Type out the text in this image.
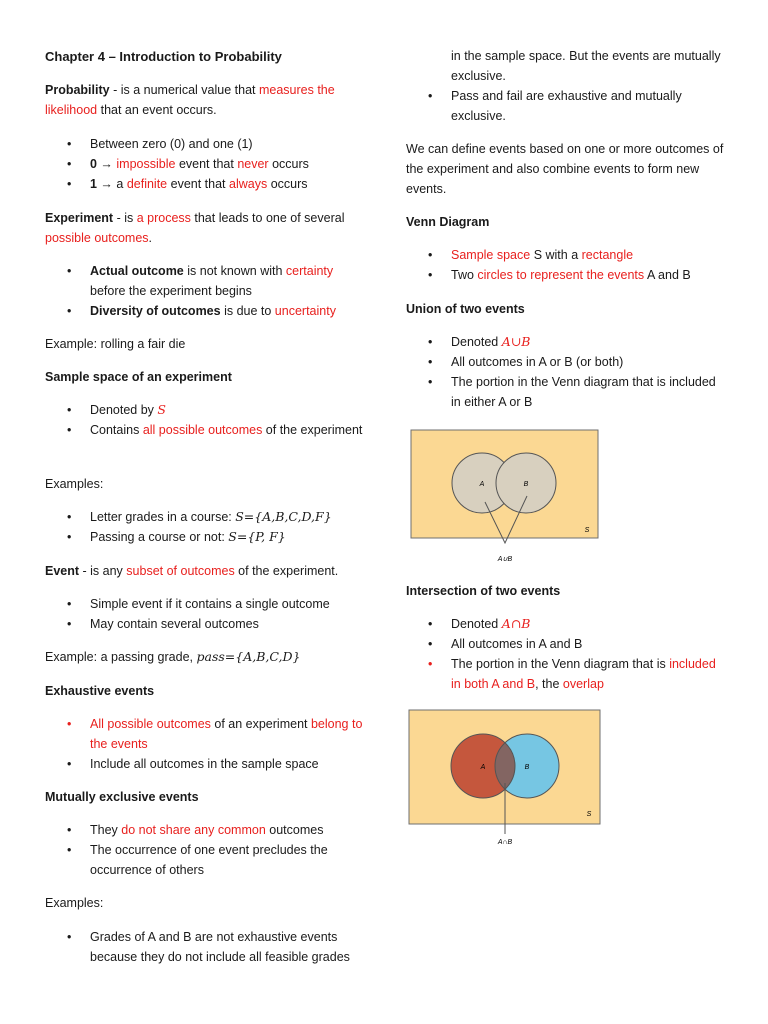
Chapter 4 – Introduction to Probability

Probability - is a numerical value that measures the likelihood that an event occurs.

• Between zero (0) and one (1)
• 0 → impossible event that never occurs
• 1 → a definite event that always occurs

Experiment - is a process that leads to one of several possible outcomes.

• Actual outcome is not known with certainty before the experiment begins
• Diversity of outcomes is due to uncertainty

Example: rolling a fair die

Sample space of an experiment

• Denoted by S
• Contains all possible outcomes of the experiment

Examples:

• Letter grades in a course: S={A,B,C,D,F}
• Passing a course or not: S={P, F}

Event - is any subset of outcomes of the experiment.

• Simple event if it contains a single outcome
• May contain several outcomes

Example: a passing grade, pass={A,B,C,D}

Exhaustive events

• All possible outcomes of an experiment belong to the events
• Include all outcomes in the sample space

Mutually exclusive events

• They do not share any common outcomes
• The occurrence of one event precludes the occurrence of others

Examples:

• Grades of A and B are not exhaustive events because they do not include all feasible grades

in the sample space. But the events are mutually exclusive.

• Pass and fail are exhaustive and mutually exclusive.

We can define events based on one or more outcomes of the experiment and also combine events to form new events.

Venn Diagram

• Sample space S with a rectangle
• Two circles to represent the events A and B

Union of two events

• Denoted A∪B
• All outcomes in A or B (or both)
• The portion in the Venn diagram that is included in either A or B

Intersection of two events

• Denoted A∩B
• All outcomes in A and B
• The portion in the Venn diagram that is included in both A and B, the overlap
A	B
S
A∪B
A	B
S
A∩B
